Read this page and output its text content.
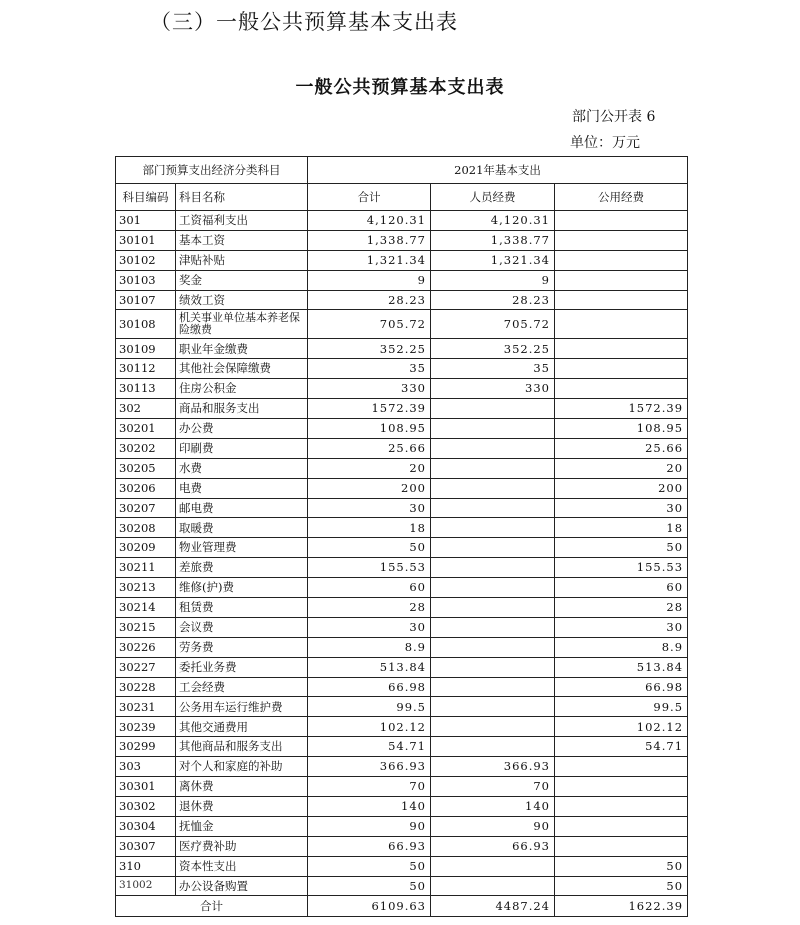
（三）一般公共预算基本支出表
一般公共预算基本支出表
部门公开表 6
单位：万元
部门预算支出经济分类科目		2021年基本支出		
科目编码	科目名称	合计	人员经费	公用经费
301	工资福利支出	4,120.31	4,120.31	
30101	基本工资	1,338.77	1,338.77	
30102	津贴补贴	1,321.34	1,321.34	
30103	奖金	9	9	
30107	绩效工资	28.23	28.23	
30108	机关事业单位基本养老保险缴费	705.72	705.72	
30109	职业年金缴费	352.25	352.25	
30112	其他社会保障缴费	35	35	
30113	住房公积金	330	330	
302	商品和服务支出	1572.39		1572.39
30201	办公费	108.95		108.95
30202	印刷费	25.66		25.66
30205	水费	20		20
30206	电费	200		200
30207	邮电费	30		30
30208	取暖费	18		18
30209	物业管理费	50		50
30211	差旅费	155.53		155.53
30213	维修(护)费	60		60
30214	租赁费	28		28
30215	会议费	30		30
30226	劳务费	8.9		8.9
30227	委托业务费	513.84		513.84
30228	工会经费	66.98		66.98
30231	公务用车运行维护费	99.5		99.5
30239	其他交通费用	102.12		102.12
30299	其他商品和服务支出	54.71		54.71
303	对个人和家庭的补助	366.93	366.93	
30301	离休费	70	70	
30302	退休费	140	140	
30304	抚恤金	90	90	
30307	医疗费补助	66.93	66.93	
310	资本性支出	50		50
31002	办公设备购置	50		50
合计		6109.63	4487.24	1622.39
